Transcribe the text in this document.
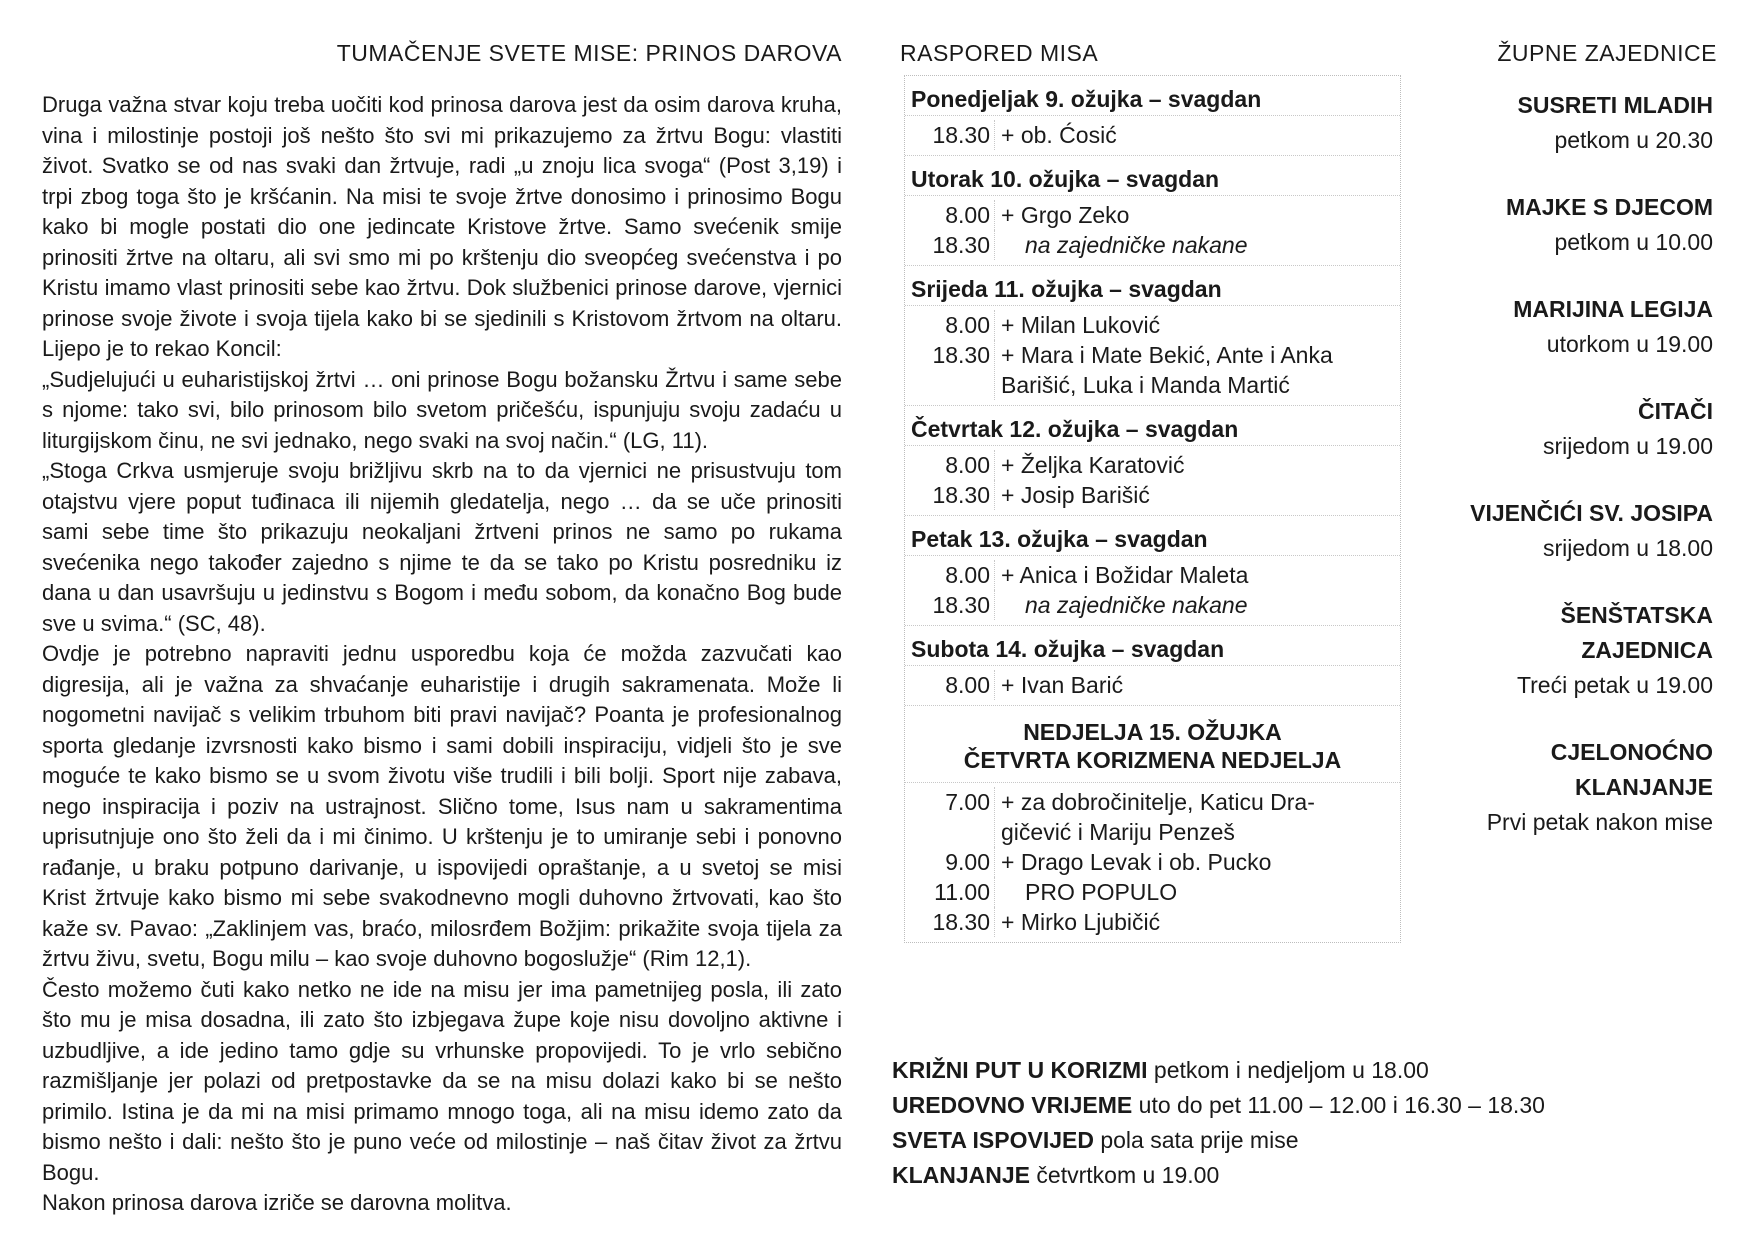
TUMAČENJE SVETE MISE: PRINOS DAROVA

Druga važna stvar koju treba uočiti kod prinosa darova jest da osim darova kruha, vina i milostinje postoji još nešto što svi mi prikazujemo za žrtvu Bogu: vlastiti život. Svatko se od nas svaki dan žrtvuje, radi „u znoju lica svoga“ (Post 3,19) i trpi zbog toga što je kršćanin. Na misi te svoje žrtve donosimo i prinosimo Bogu kako bi mogle postati dio one jedincate Kristove žrtve. Samo svećenik smije prinositi žrtve na oltaru, ali svi smo mi po krštenju dio sveopćeg svećenstva i po Kristu imamo vlast prinositi sebe kao žrtvu. Dok službenici prinose darove, vjernici prinose svoje živote i svoja tijela kako bi se sjedinili s Kristovom žrtvom na oltaru. Lijepo je to rekao Koncil:

„Sudjelujući u euharistijskoj žrtvi … oni prinose Bogu božansku Žrtvu i same sebe s njome: tako svi, bilo prinosom bilo svetom pričešću, ispunjuju svoju zadaću u liturgijskom činu, ne svi jednako, nego svaki na svoj način.“ (LG, 11).

„Stoga Crkva usmjeruje svoju brižljivu skrb na to da vjernici ne prisustvuju tom otajstvu vjere poput tuđinaca ili nijemih gledatelja, nego … da se uče prinositi sami sebe time što prikazuju neokaljani žrtveni prinos ne samo po rukama svećenika nego također zajedno s njime te da se tako po Kristu posredniku iz dana u dan usavršuju u jedinstvu s Bogom i među sobom, da konačno Bog bude sve u svima.“ (SC, 48).

Ovdje je potrebno napraviti jednu usporedbu koja će možda zazvučati kao digresija, ali je važna za shvaćanje euharistije i drugih sakramenata. Može li nogometni navijač s velikim trbuhom biti pravi navijač? Poanta je profesionalnog sporta gledanje izvrsnosti kako bismo i sami dobili inspiraciju, vidjeli što je sve moguće te kako bismo se u svom životu više trudili i bili bolji. Sport nije zabava, nego inspiracija i poziv na ustrajnost. Slično tome, Isus nam u sakramentima uprisutnjuje ono što želi da i mi činimo. U krštenju je to umiranje sebi i ponovno rađanje, u braku potpuno darivanje, u ispovijedi opraštanje, a u svetoj se misi Krist žrtvuje kako bismo mi sebe svakodnevno mogli duhovno žrtvovati, kao što kaže sv. Pavao: „Zaklinjem vas, braćo, milosrđem Božjim: prikažite svoja tijela za žrtvu živu, svetu, Bogu milu – kao svoje duhovno bogoslužje“ (Rim 12,1).

Često možemo čuti kako netko ne ide na misu jer ima pametnijeg posla, ili zato što mu je misa dosadna, ili zato što izbjegava župe koje nisu dovoljno aktivne i uzbudljive, a ide jedino tamo gdje su vrhunske propovijedi. To je vrlo sebično razmišljanje jer polazi od pretpostavke da se na misu dolazi kako bi se nešto primilo. Istina je da mi na misi primamo mnogo toga, ali na misu idemo zato da bismo nešto i dali: nešto što je puno veće od milostinje – naš čitav život za žrtvu Bogu.

Nakon prinosa darova izriče se darovna molitva.

RASPORED MISA
Ponedjeljak 9. ožujka – svagdan
18.30 + ob. Ćosić
Utorak 10. ožujka – svagdan
8.00 + Grgo Zeko
18.30	na zajedničke nakane
Srijeda 11. ožujka – svagdan
8.00 + Milan Luković
18.30 + Mara i Mate Bekić, Ante i Anka
Barišić, Luka i Manda Martić
Četvrtak 12. ožujka – svagdan
8.00 + Željka Karatović
18.30 + Josip Barišić
Petak 13. ožujka – svagdan
8.00 + Anica i Božidar Maleta
18.30	na zajedničke nakane
Subota 14. ožujka – svagdan
8.00 + Ivan Barić
NEDJELJA 15. OŽUJKA
ČETVRTA KORIZMENA NEDJELJA
7.00 + za dobročinitelje, Katicu Dra-
gičević i Mariju Penzeš
9.00 + Drago Levak i ob. Pucko
11.00	PRO POPULO
18.30 + Mirko Ljubičić
KRIŽNI PUT U KORIZMI petkom i nedjeljom u 18.00
UREDOVNO VRIJEME uto do pet 11.00 – 12.00 i 16.30 – 18.30
SVETA ISPOVIJED pola sata prije mise
KLANJANJE četvrtkom u 19.00
ŽUPNE ZAJEDNICE
SUSRETI MLADIH
petkom u 20.30
MAJKE S DJECOM
petkom u 10.00
MARIJINA LEGIJA
utorkom u 19.00
ČITAČI
srijedom u 19.00
VIJENČIĆI SV. JOSIPA
srijedom u 18.00
ŠENŠTATSKA ZAJEDNICA
Treći petak u 19.00
CJELONOĆNO KLANJANJE
Prvi petak nakon mise
